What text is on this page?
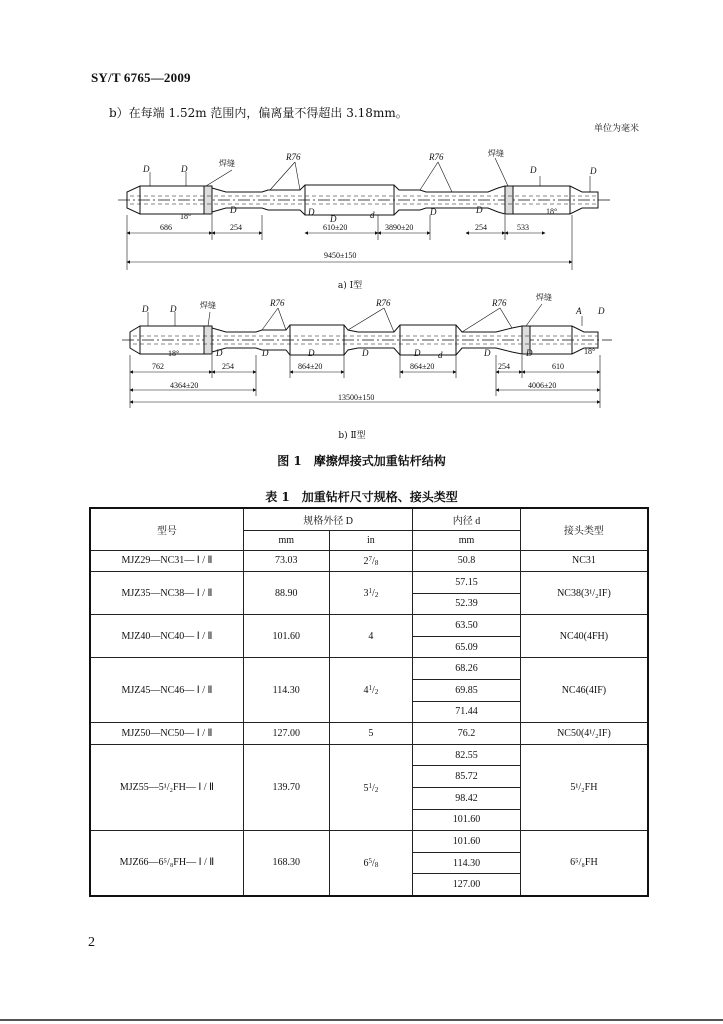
SY/T 6765—2009
b）在每端 1.52m 范围内，偏离量不得超出 3.18mm。
单位为毫米
D	D
焊缝
R76	R76	焊缝
D	D
D	D
D	d	D	D
18°
18°
686	254	610±20	3890±20	254	533
9450±150
D D	焊缝	R76	R76	R76
焊缝
A D
D	D	D	D	D d	D	D
18°	18°
762	254	864±20	864±20	254	610
4364±20	4006±20
13500±150
a) Ⅰ型
b) Ⅱ型
图 1　摩擦焊接式加重钻杆结构
表 1　加重钻杆尺寸规格、接头类型
型号	规格外径 D		内径 d	接头类型
	mm	in	mm	
MJZ29—NC31— Ⅰ / Ⅱ	73.03	$2^7/8$	50.8	NC31
MJZ35—NC38— Ⅰ / Ⅱ	88.90	$3^1/2$	57.15	NC38(3¹/₂IF)
			52.39	
MJZ40—NC40— Ⅰ / Ⅱ	101.60	4	63.50	NC40(4FH)
			65.09	
MJZ45—NC46— Ⅰ / Ⅱ	114.30	$4^1/2$	68.26	NC46(4IF)
			69.85	
			71.44	
MJZ50—NC50— Ⅰ / Ⅱ	127.00	5	76.2	NC50(4¹/₂IF)
MJZ55—5¹/₂FH— Ⅰ / Ⅱ	139.70	$5^1/2$	82.55	5¹/₂FH
			85.72	
			98.42	
			101.60	
MJZ66—6⁵/₈FH— Ⅰ / Ⅱ	168.30	$6^5/8$	101.60	6⁵/₈FH
			114.30	
			127.00	
2
